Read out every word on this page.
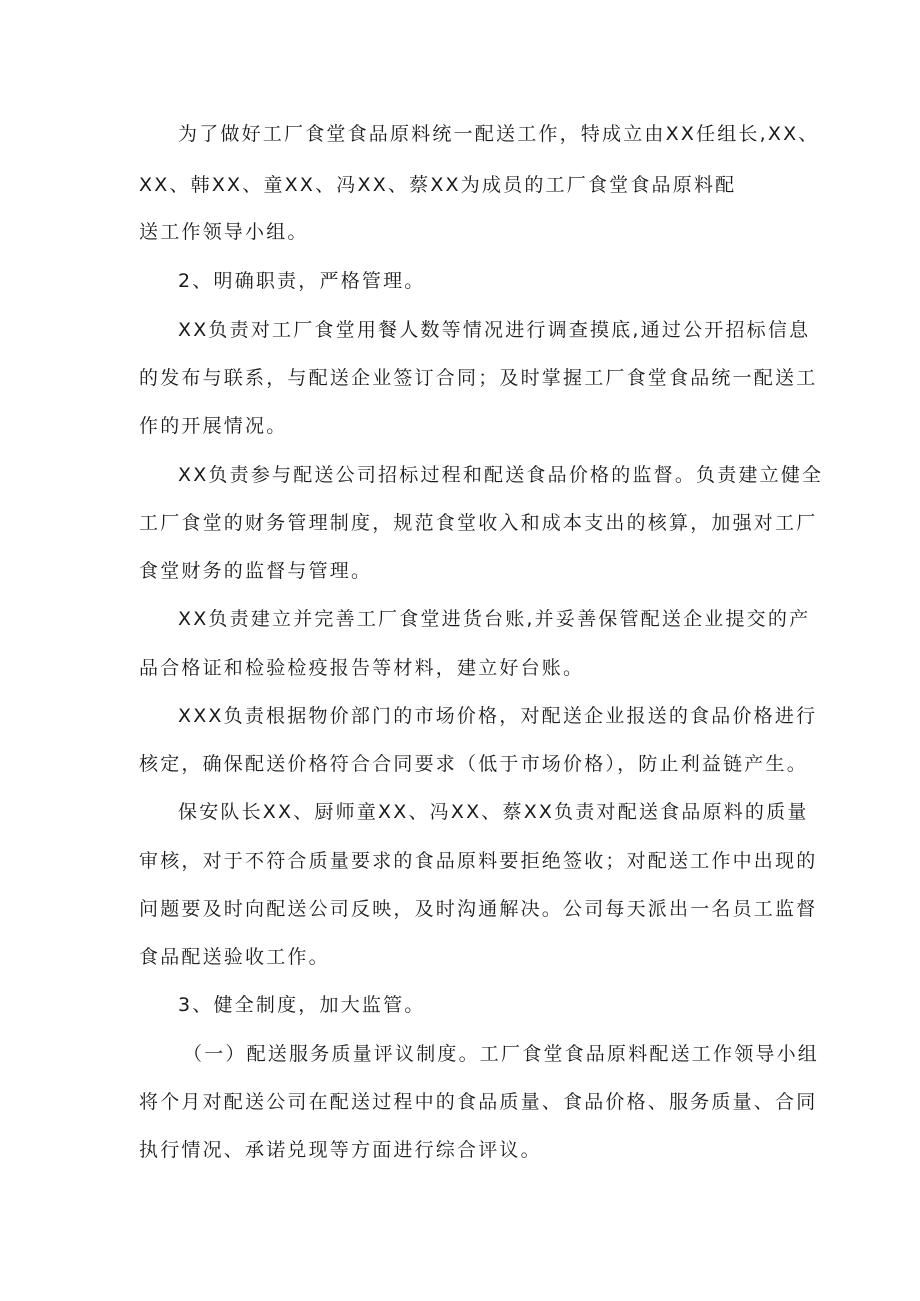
为了做好工厂食堂食品原料统一配送工作，特成立由XX任组长,XX、
XX、韩XX、童XX、冯XX、蔡XX为成员的工厂食堂食品原料配
送工作领导小组。
2、明确职责，严格管理。
XX负责对工厂食堂用餐人数等情况进行调查摸底,通过公开招标信息
的发布与联系，与配送企业签订合同；及时掌握工厂食堂食品统一配送工
作的开展情况。
XX负责参与配送公司招标过程和配送食品价格的监督。负责建立健全
工厂食堂的财务管理制度，规范食堂收入和成本支出的核算，加强对工厂
食堂财务的监督与管理。
XX负责建立并完善工厂食堂进货台账,并妥善保管配送企业提交的产
品合格证和检验检疫报告等材料，建立好台账。
XXX负责根据物价部门的市场价格，对配送企业报送的食品价格进行
核定，确保配送价格符合合同要求（低于市场价格），防止利益链产生。
保安队长XX、厨师童XX、冯XX、蔡XX负责对配送食品原料的质量
审核，对于不符合质量要求的食品原料要拒绝签收；对配送工作中出现的
问题要及时向配送公司反映，及时沟通解决。公司每天派出一名员工监督
食品配送验收工作。
3、健全制度，加大监管。
（一）配送服务质量评议制度。工厂食堂食品原料配送工作领导小组
将个月对配送公司在配送过程中的食品质量、食品价格、服务质量、合同
执行情况、承诺兑现等方面进行综合评议。
